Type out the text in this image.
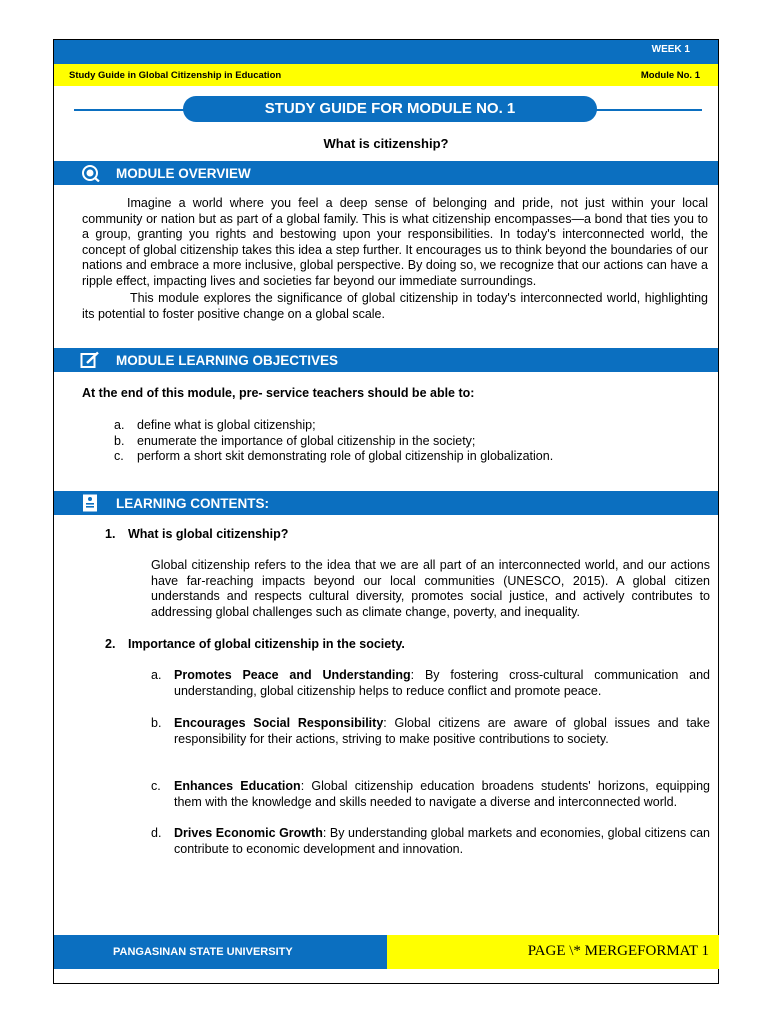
WEEK 1
Study Guide in Global Citizenship in Education	Module No. 1
STUDY GUIDE FOR MODULE NO. 1
What is citizenship?
MODULE OVERVIEW
Imagine a world where you feel a deep sense of belonging and pride, not just within your local community or nation but as part of a global family. This is what citizenship encompasses—a bond that ties you to a group, granting you rights and bestowing upon your responsibilities. In today's interconnected world, the concept of global citizenship takes this idea a step further. It encourages us to think beyond the boundaries of our nations and embrace a more inclusive, global perspective. By doing so, we recognize that our actions can have a ripple effect, impacting lives and societies far beyond our immediate surroundings.
This module explores the significance of global citizenship in today's interconnected world, highlighting its potential to foster positive change on a global scale.
MODULE LEARNING OBJECTIVES
At the end of this module, pre- service teachers should be able to:
a. define what is global citizenship;
b. enumerate the importance of global citizenship in the society;
c. perform a short skit demonstrating role of global citizenship in globalization.
LEARNING CONTENTS:
1. What is global citizenship?
Global citizenship refers to the idea that we are all part of an interconnected world, and our actions have far-reaching impacts beyond our local communities (UNESCO, 2015). A global citizen understands and respects cultural diversity, promotes social justice, and actively contributes to addressing global challenges such as climate change, poverty, and inequality.
2. Importance of global citizenship in the society.
a. Promotes Peace and Understanding: By fostering cross-cultural communication and understanding, global citizenship helps to reduce conflict and promote peace.
b. Encourages Social Responsibility: Global citizens are aware of global issues and take responsibility for their actions, striving to make positive contributions to society.
c. Enhances Education: Global citizenship education broadens students' horizons, equipping them with the knowledge and skills needed to navigate a diverse and interconnected world.
d. Drives Economic Growth: By understanding global markets and economies, global citizens can contribute to economic development and innovation.
PANGASINAN STATE UNIVERSITY	PAGE \* MERGEFORMAT 1
